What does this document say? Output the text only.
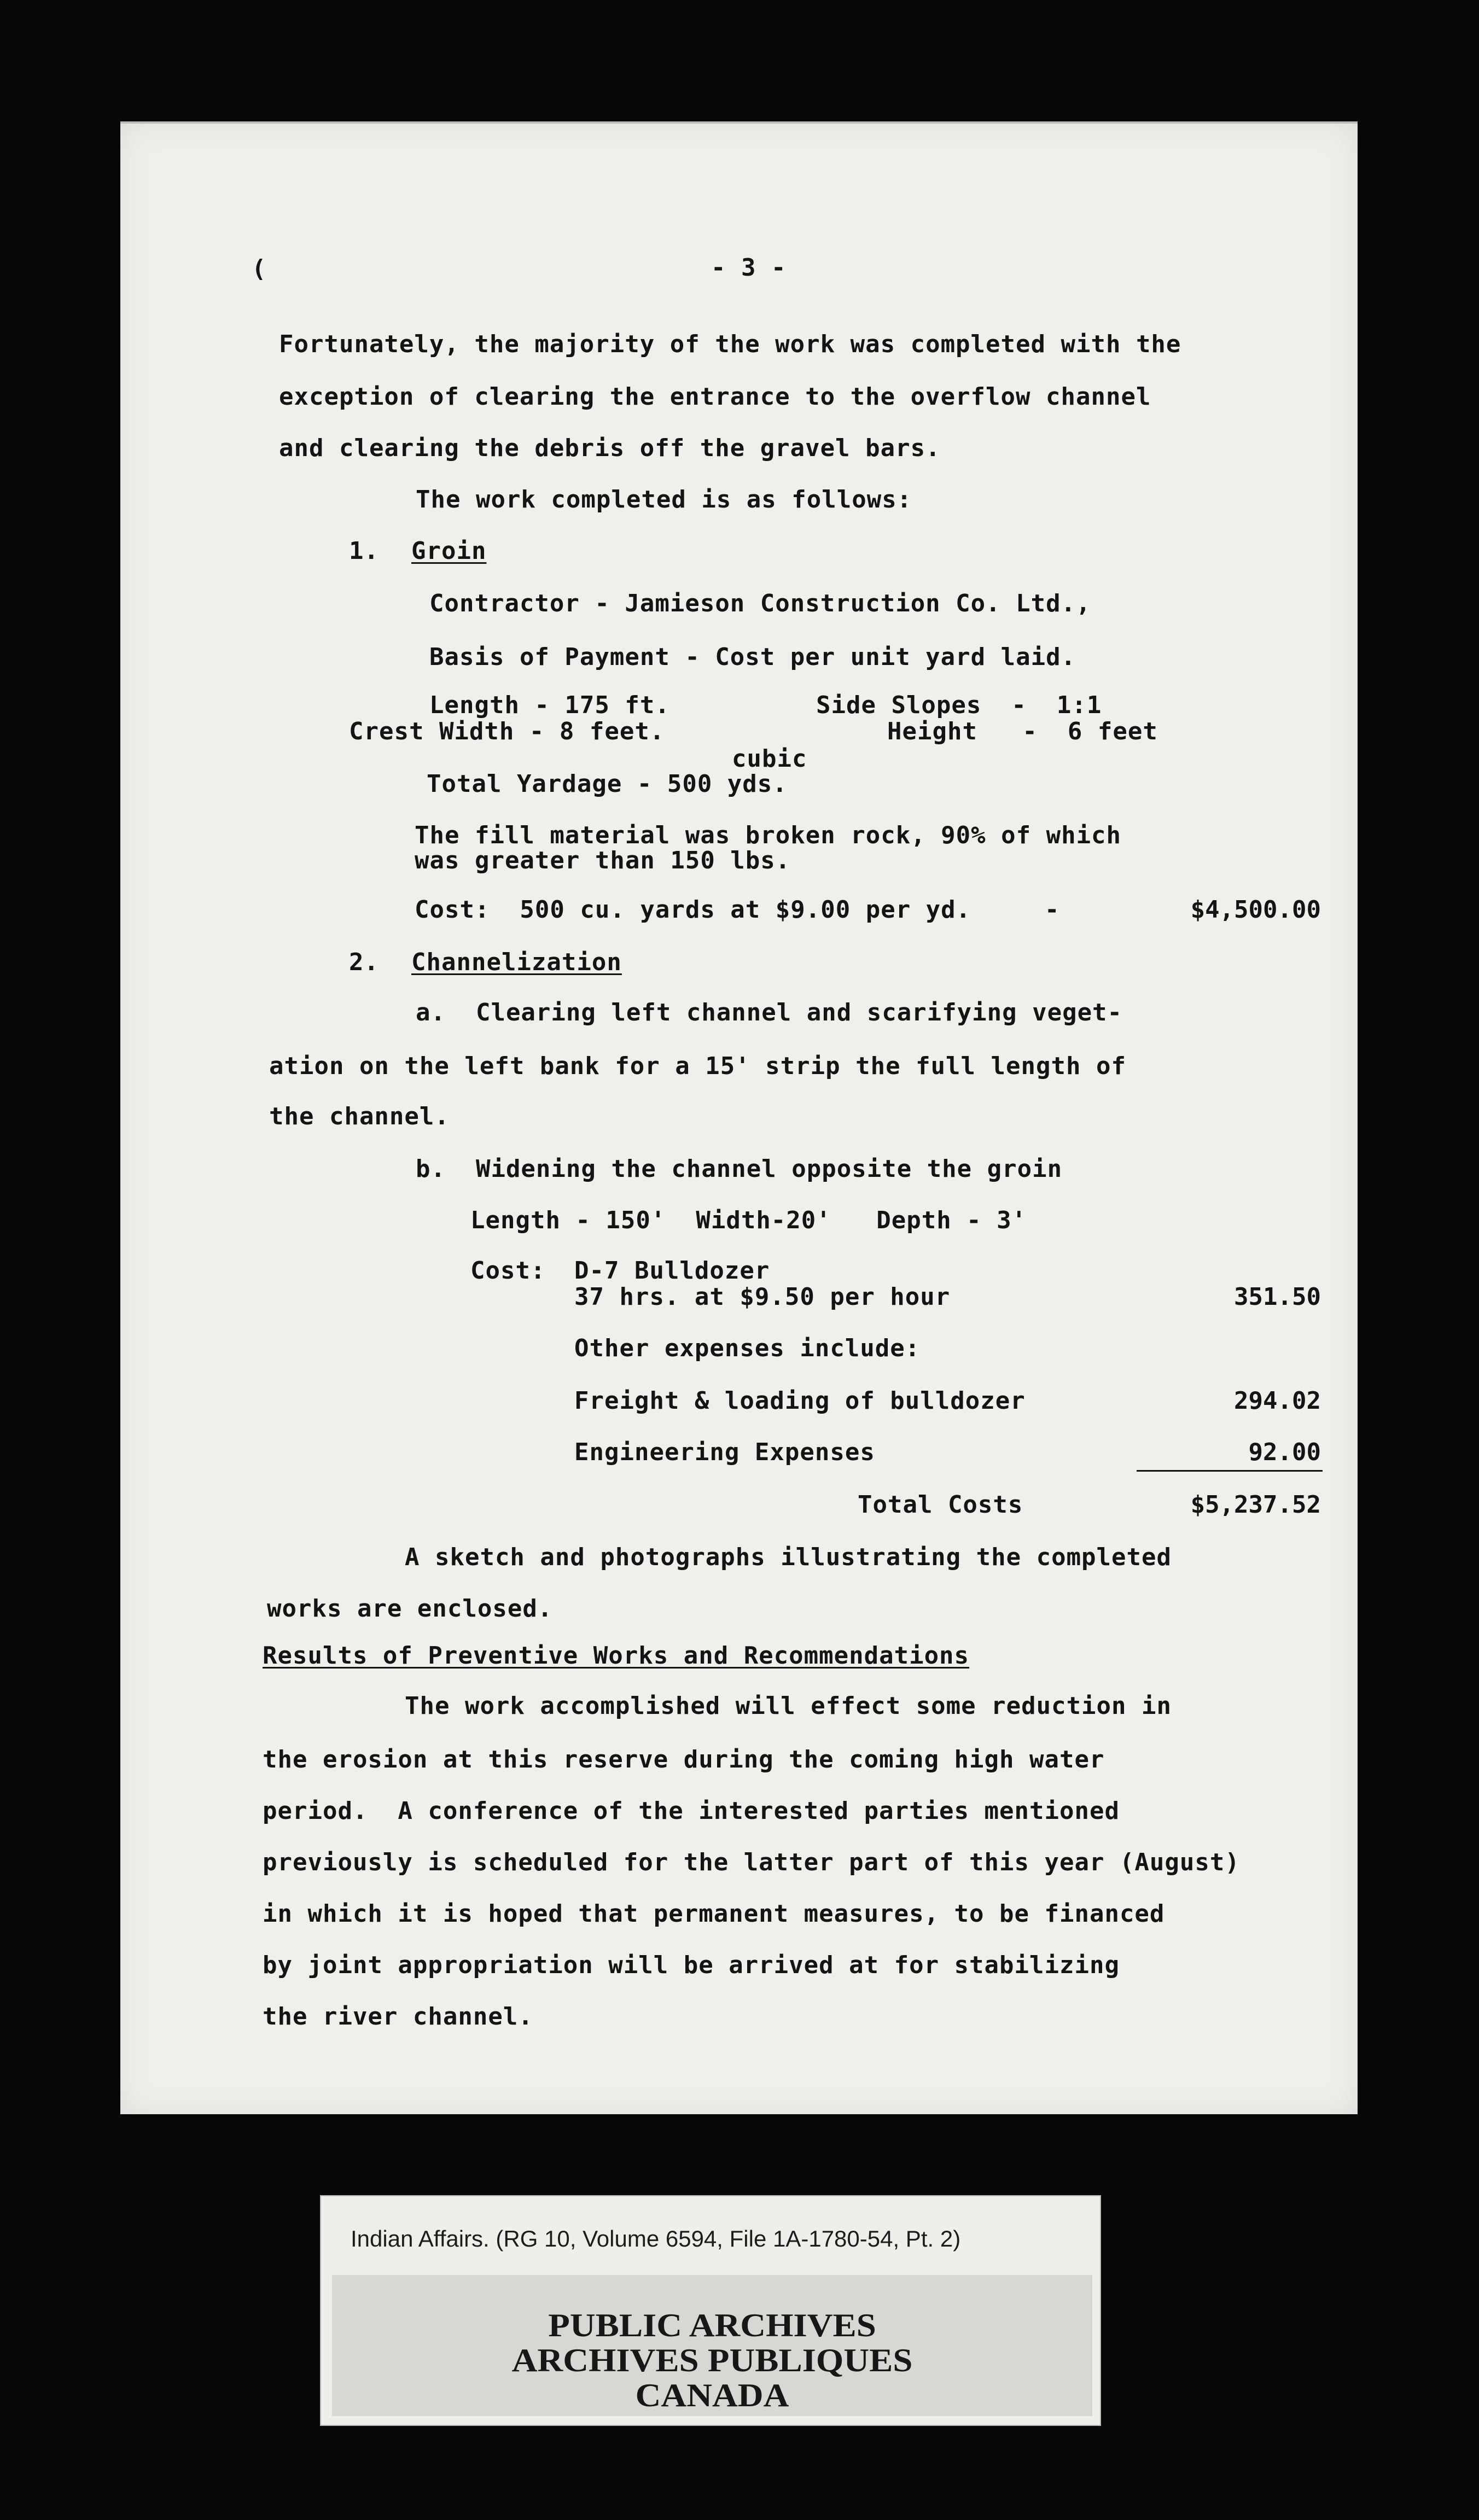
(	- 3 -
Fortunately, the majority of the work was completed with the
exception of clearing the entrance to the overflow channel
and clearing the debris off the gravel bars.
The work completed is as follows:
1. Groin
Contractor - Jamieson Construction Co. Ltd.,
Basis of Payment - Cost per unit yard laid.
Length - 175 ft.	Side Slopes  -  1:1
Crest Width - 8 feet.	Height   -  6 feet
cubic
Total Yardage - 500 yds.
The fill material was broken rock, 90% of which
was greater than 150 lbs.
Cost:  500 cu. yards at $9.00 per yd.	-	$4,500.00
2. Channelization
a.  Clearing left channel and scarifying veget-
ation on the left bank for a 15' strip the full length of
the channel.
b.  Widening the channel opposite the groin
Length - 150'  Width-20'   Depth - 3'
Cost: D-7 Bulldozer
37 hrs. at $9.50 per hour	351.50
Other expenses include:
Freight & loading of bulldozer	294.02
Engineering Expenses	92.00
Total Costs	$5,237.52
A sketch and photographs illustrating the completed
works are enclosed.
Results of Preventive Works and Recommendations
The work accomplished will effect some reduction in
the erosion at this reserve during the coming high water
period.  A conference of the interested parties mentioned
previously is scheduled for the latter part of this year (August)
in which it is hoped that permanent measures, to be financed
by joint appropriation will be arrived at for stabilizing
the river channel.
Indian Affairs. (RG 10, Volume 6594, File 1A-1780-54, Pt. 2)
PUBLIC ARCHIVES
ARCHIVES PUBLIQUES
CANADA
